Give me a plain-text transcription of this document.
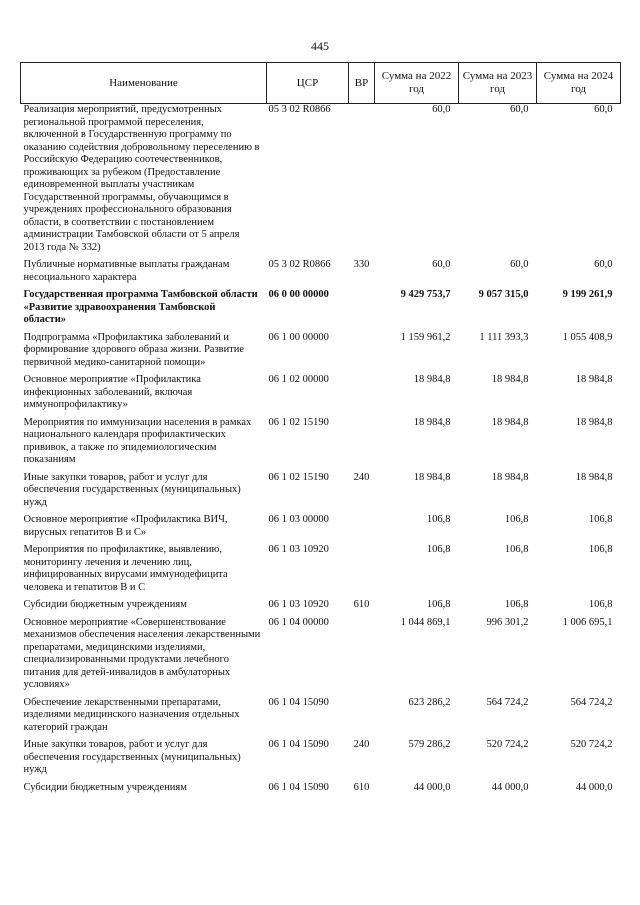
445
Наименование	ЦСР	ВР	Сумма на 2022 год	Сумма на 2023 год	Сумма на 2024 год
Реализация мероприятий, предусмотренных региональной программой переселения, включенной в Государственную программу по оказанию содействия добровольному переселению в Российскую Федерацию соотечественников, проживающих за рубежом (Предоставление единовременной выплаты участникам Государственной программы, обучающимся в учреждениях профессионального образования области, в соответствии с постановлением администрации Тамбовской области от 5 апреля 2013 года № 332)	05 3 02 R0866		60,0	60,0	60,0
Публичные нормативные выплаты гражданам несоциального характера	05 3 02 R0866	330	60,0	60,0	60,0
Государственная программа Тамбовской области «Развитие здравоохранения Тамбовской области»	06 0 00 00000		9 429 753,7	9 057 315,0	9 199 261,9
Подпрограмма «Профилактика заболеваний и формирование здорового образа жизни. Развитие первичной медико-санитарной помощи»	06 1 00 00000		1 159 961,2	1 111 393,3	1 055 408,9
Основное мероприятие «Профилактика инфекционных заболеваний, включая иммунопрофилактику»	06 1 02 00000		18 984,8	18 984,8	18 984,8
Мероприятия по иммунизации населения в рамках национального календаря профилактических прививок, а также по эпидемиологическим показаниям	06 1 02 15190		18 984,8	18 984,8	18 984,8
Иные закупки товаров, работ и услуг для обеспечения государственных (муниципальных) нужд	06 1 02 15190	240	18 984,8	18 984,8	18 984,8
Основное мероприятие «Профилактика ВИЧ, вирусных гепатитов В и С»	06 1 03 00000		106,8	106,8	106,8
Мероприятия по профилактике, выявлению, мониторингу лечения и лечению лиц, инфицированных вирусами иммунодефицита человека и гепатитов В и С	06 1 03 10920		106,8	106,8	106,8
Субсидии бюджетным учреждениям	06 1 03 10920	610	106,8	106,8	106,8
Основное мероприятие «Совершенствование механизмов обеспечения населения лекарственными препаратами, медицинскими изделиями, специализированными продуктами лечебного питания для детей-инвалидов в амбулаторных условиях»	06 1 04 00000		1 044 869,1	996 301,2	1 006 695,1
Обеспечение лекарственными препаратами, изделиями медицинского назначения отдельных категорий граждан	06 1 04 15090		623 286,2	564 724,2	564 724,2
Иные закупки товаров, работ и услуг для обеспечения государственных (муниципальных) нужд	06 1 04 15090	240	579 286,2	520 724,2	520 724,2
Субсидии бюджетным учреждениям	06 1 04 15090	610	44 000,0	44 000,0	44 000,0
